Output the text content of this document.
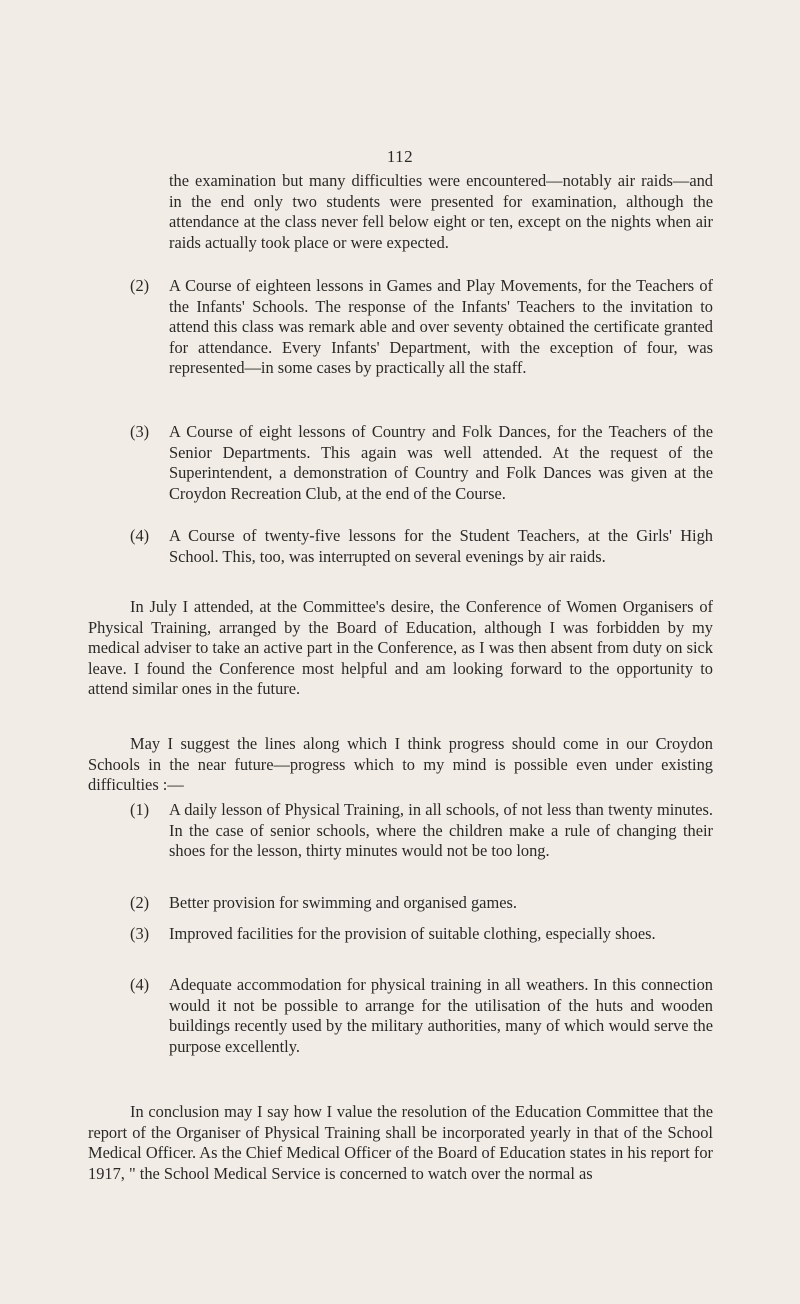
112
the examination but many difficulties were encountered—notably air raids—and in the end only two students were presented for examination, although the attendance at the class never fell below eight or ten, except on the nights when air raids actually took place or were expected.
(2)	A Course of eighteen lessons in Games and Play Movements, for the Teachers of the Infants' Schools. The response of the Infants' Teachers to the invitation to attend this class was remark able and over seventy obtained the certificate granted for attendance. Every Infants' Department, with the exception of four, was represented—in some cases by practically all the staff.
(3)	A Course of eight lessons of Country and Folk Dances, for the Teachers of the Senior Departments. This again was well attended. At the request of the Superintendent, a demonstration of Country and Folk Dances was given at the Croydon Recreation Club, at the end of the Course.
(4)	A Course of twenty-five lessons for the Student Teachers, at the Girls' High School. This, too, was interrupted on several evenings by air raids.
In July I attended, at the Committee's desire, the Conference of Women Organisers of Physical Training, arranged by the Board of Education, although I was forbidden by my medical adviser to take an active part in the Conference, as I was then absent from duty on sick leave. I found the Conference most helpful and am looking forward to the opportunity to attend similar ones in the future.
May I suggest the lines along which I think progress should come in our Croydon Schools in the near future—progress which to my mind is possible even under existing difficulties :—
(1)	A daily lesson of Physical Training, in all schools, of not less than twenty minutes. In the case of senior schools, where the children make a rule of changing their shoes for the lesson, thirty minutes would not be too long.
(2)	Better provision for swimming and organised games.
(3)	Improved facilities for the provision of suitable clothing, especially shoes.
(4)	Adequate accommodation for physical training in all weathers. In this connection would it not be possible to arrange for the utilisation of the huts and wooden buildings recently used by the military authorities, many of which would serve the purpose excellently.
In conclusion may I say how I value the resolution of the Education Committee that the report of the Organiser of Physical Training shall be incorporated yearly in that of the School Medical Officer. As the Chief Medical Officer of the Board of Education states in his report for 1917, " the School Medical Service is concerned to watch over the normal as
